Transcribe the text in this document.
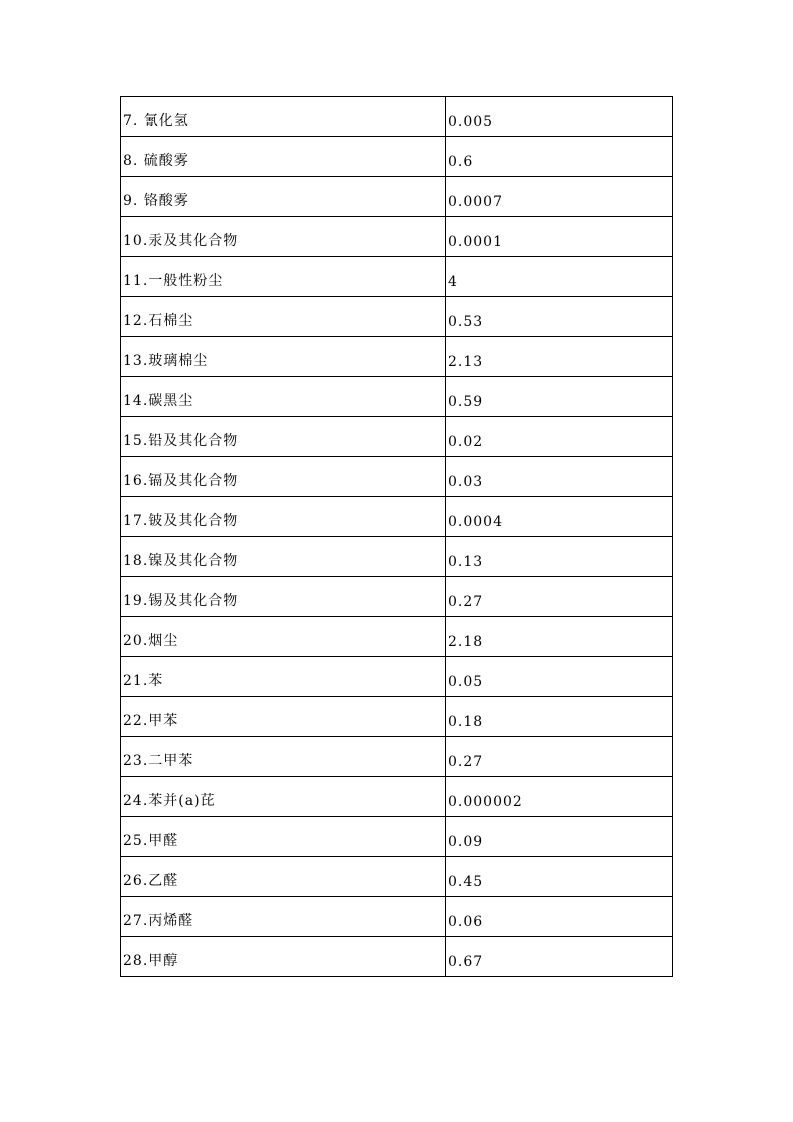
7. 氰化氢	0.005
8. 硫酸雾	0.6
9. 铬酸雾	0.0007
10.汞及其化合物	0.0001
11.一般性粉尘	4
12.石棉尘	0.53
13.玻璃棉尘	2.13
14.碳黑尘	0.59
15.铅及其化合物	0.02
16.镉及其化合物	0.03
17.铍及其化合物	0.0004
18.镍及其化合物	0.13
19.锡及其化合物	0.27
20.烟尘	2.18
21.苯	0.05
22.甲苯	0.18
23.二甲苯	0.27
24.苯并(a)芘	0.000002
25.甲醛	0.09
26.乙醛	0.45
27.丙烯醛	0.06
28.甲醇	0.67
